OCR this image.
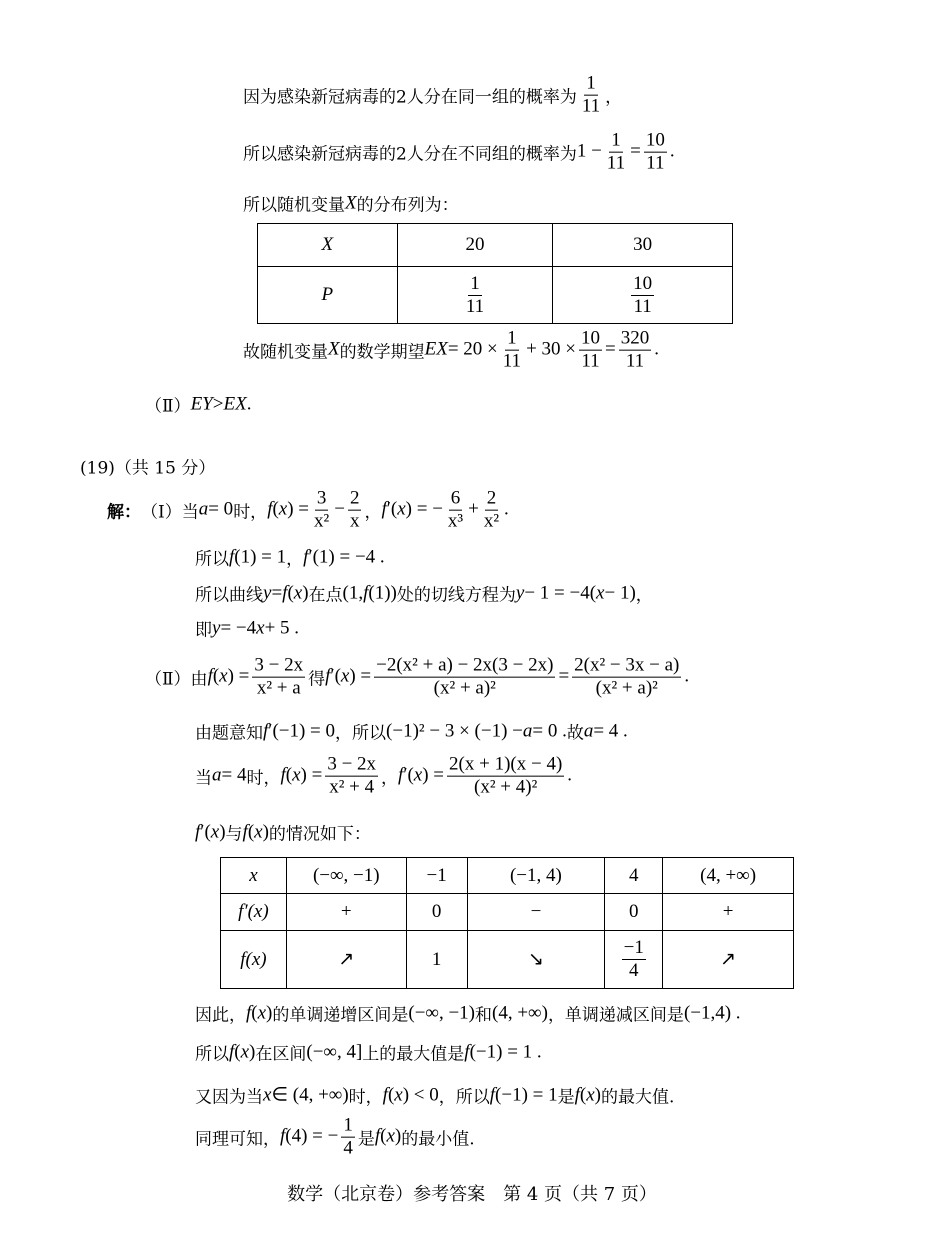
因为感染新冠病毒的2人分在同一组的概率为 $\frac{1}{11}$ ，
所以感染新冠病毒的2人分在不同组的概率为 $1 - \frac{1}{11} = \frac{10}{11}$ .
所以随机变量 X 的分布列为：
X	20	30
P	$\frac{1}{11}$	$\frac{10}{11}$
故随机变量 X 的数学期望 EX = $20 \times \frac{1}{11} + 30 \times \frac{10}{11} = \frac{320}{11}$ .
（Ⅱ） EY > EX .
(19)（共 15 分）
解： （Ⅰ）当 a = 0 时， f ( x ) = $\frac{3}{\text{x²}} - \frac{2}{x}$ ， f ′( x ) = − $\frac{6}{\text{x³}} + \frac{2}{\text{x²}}$ .
所以 f (1) = 1 ， f ′(1) = −4 .
所以曲线 y = f ( x ) 在点 (1, f (1)) 处的切线方程为 y − 1 = −4( x − 1) ，
即 y = −4 x + 5 .
（Ⅱ）由 f ( x ) = $\frac{3 - 2x}{\text{x² + a}}$ 得 f ′( x ) = $\frac{\text{−2(x² + a) − 2x(3 − 2x)}}{\text{(x² + a)²}} = \frac{\text{2(x² − 3x − a)}}{\text{(x² + a)²}}$ .
由题意知 f ′(−1) = 0 ，所以 (−1)² − 3 × (−1) − a = 0 . 故 a = 4 .
当 a = 4 时， f ( x ) = $\frac{3 - 2x}{\text{x² + 4}}$ ， f ′( x ) = $\frac{2(x + 1)(x - 4)}{\text{(x² + 4)²}}$ .
f ′( x ) 与 f ( x ) 的情况如下：
x	(−∞, −1)	−1	(−1, 4)	4	(4, +∞)
f′(x)	+	0	−	0	+
f(x)	↗	1	↘	$\frac{-1}{4}$	↗
因此， f ( x ) 的单调递增区间是 (−∞, −1) 和 (4, +∞) ，单调递减区间是 (−1,4) .
所以 f ( x ) 在区间 (−∞, 4] 上的最大值是 f (−1) = 1 .
又因为当 x ∈ (4, +∞) 时， f ( x ) < 0 ，所以 f (−1) = 1 是 f ( x ) 的最大值.
同理可知， f (4) = − $\frac{1}{4}$ 是 f ( x ) 的最小值.
数学（北京卷）参考答案　第 4 页（共 7 页）
